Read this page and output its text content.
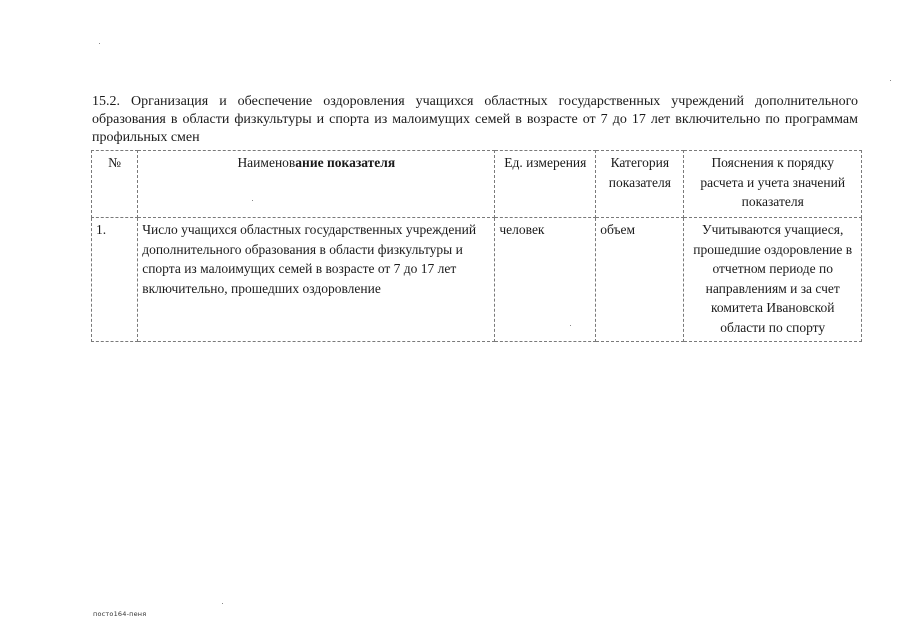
15.2. Организация и обеспечение оздоровления учащихся областных государственных учреждений дополнительного образования в области физкультуры и спорта из малоимущих семей в возрасте от 7 до 17 лет включительно по программам профильных смен

№	Наименование показателя	Ед. измерения	Категория показателя	Пояснения к порядку расчета и учета значений показателя
1.	Число учащихся областных государственных учреждений дополнительного образования в области физкультуры и спорта из малоимущих семей в возрасте от 7 до 17 лет включительно, прошедших оздоровление	человек	объем	Учитываются учащиеся, прошедшие оздоровление в отчетном периоде по направлениям и за счет комитета Ивановской области по спорту
посто164-пеня
